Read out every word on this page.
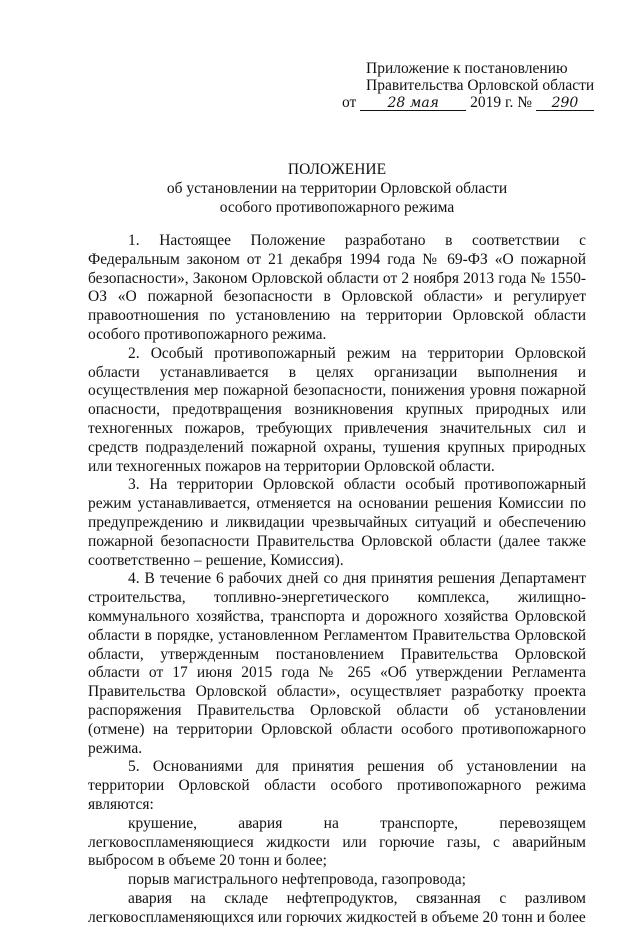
Приложение к постановлению
Правительства Орловской области
от 28 мая 2019 г. № 290
ПОЛОЖЕНИЕ
об установлении на территории Орловской области
особого противопожарного режима

1. Настоящее Положение разработано в соответствии с Федеральным законом от 21 декабря 1994 года № 69-ФЗ «О пожарной безопасности», Законом Орловской области от 2 ноября 2013 года № 1550-ОЗ «О пожарной безопасности в Орловской области» и регулирует правоотношения по установлению на территории Орловской области особого противопожарного режима.

2. Особый противопожарный режим на территории Орловской области устанавливается в целях организации выполнения и осуществления мер пожарной безопасности, понижения уровня пожарной опасности, предотвращения возникновения крупных природных или техногенных пожаров, требующих привлечения значительных сил и средств подразделений пожарной охраны, тушения крупных природных или техногенных пожаров на территории Орловской области.

3. На территории Орловской области особый противопожарный режим устанавливается, отменяется на основании решения Комиссии по предупреждению и ликвидации чрезвычайных ситуаций и обеспечению пожарной безопасности Правительства Орловской области (далее также соответственно – решение, Комиссия).

4. В течение 6 рабочих дней со дня принятия решения Департамент строительства, топливно-энергетического комплекса, жилищно-коммунального хозяйства, транспорта и дорожного хозяйства Орловской области в порядке, установленном Регламентом Правительства Орловской области, утвержденным постановлением Правительства Орловской области от 17 июня 2015 года № 265 «Об утверждении Регламента Правительства Орловской области», осуществляет разработку проекта распоряжения Правительства Орловской области об установлении (отмене) на территории Орловской области особого противопожарного режима.

5. Основаниями для принятия решения об установлении на территории Орловской области особого противопожарного режима являются:

крушение, авария на транспорте, перевозящем легковоспламеняющиеся жидкости или горючие газы, с аварийным выбросом в объеме 20 тонн и более;

порыв магистрального нефтепровода, газопровода;

авария на складе нефтепродуктов, связанная с разливом легковоспламеняющихся или горючих жидкостей в объеме 20 тонн и более
